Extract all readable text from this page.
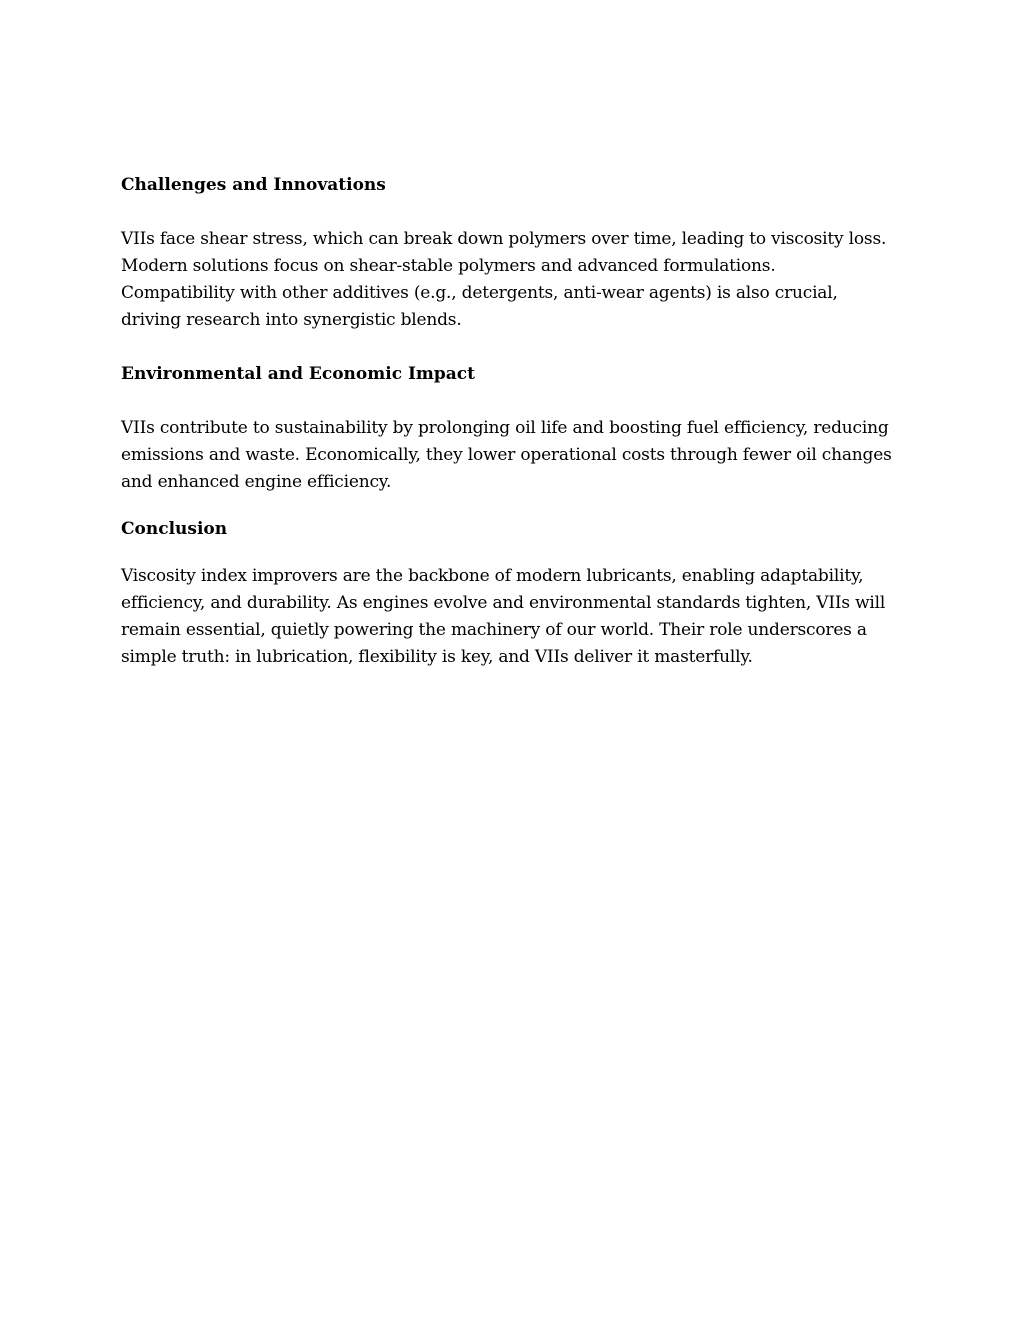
Challenges and Innovations

VIIs face shear stress, which can break down polymers over time, leading to viscosity loss.
Modern solutions focus on shear-stable polymers and advanced formulations.
Compatibility with other additives (e.g., detergents, anti-wear agents) is also crucial,
driving research into synergistic blends.

Environmental and Economic Impact

VIIs contribute to sustainability by prolonging oil life and boosting fuel efficiency, reducing
emissions and waste. Economically, they lower operational costs through fewer oil changes
and enhanced engine efficiency.

Conclusion

Viscosity index improvers are the backbone of modern lubricants, enabling adaptability,
efficiency, and durability. As engines evolve and environmental standards tighten, VIIs will
remain essential, quietly powering the machinery of our world. Their role underscores a
simple truth: in lubrication, flexibility is key, and VIIs deliver it masterfully.
